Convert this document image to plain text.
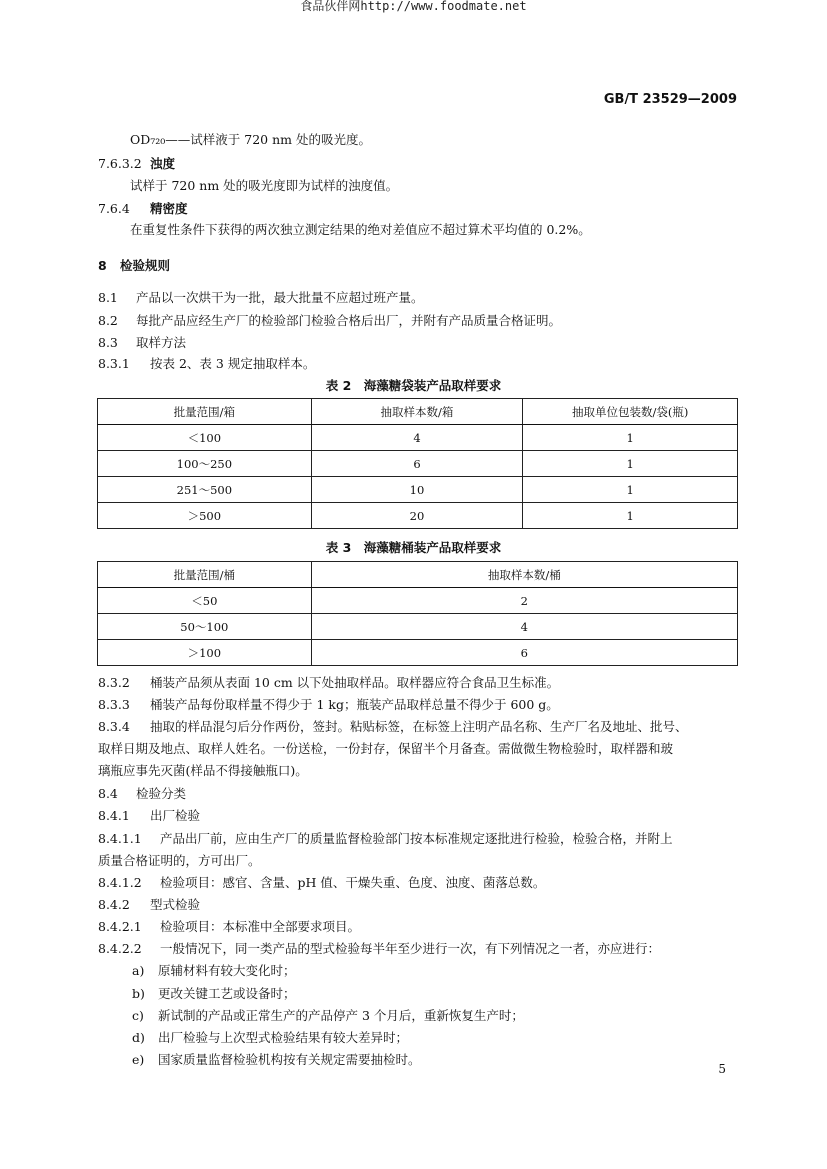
食品伙伴网http://www.foodmate.net
GB/T 23529—2009
OD₇₂₀——试样液于 720 nm 处的吸光度。
7.6.3.2 浊度
试样于 720 nm 处的吸光度即为试样的浊度值。
7.6.4 精密度
在重复性条件下获得的两次独立测定结果的绝对差值应不超过算术平均值的 0.2%。
8 检验规则
8.1 产品以一次烘干为一批，最大批量不应超过班产量。
8.2 每批产品应经生产厂的检验部门检验合格后出厂，并附有产品质量合格证明。
8.3 取样方法
8.3.1 按表 2、表 3 规定抽取样本。
表 2　海藻糖袋装产品取样要求
批量范围/箱	抽取样本数/箱	抽取单位包装数/袋(瓶)
＜100	4	1
100～250	6	1
251～500	10	1
＞500	20	1
表 3　海藻糖桶装产品取样要求
批量范围/桶	抽取样本数/桶
＜50	2
50～100	4
＞100	6
8.3.2 桶装产品须从表面 10 cm 以下处抽取样品。取样器应符合食品卫生标准。
8.3.3 桶装产品每份取样量不得少于 1 kg；瓶装产品取样总量不得少于 600 g。
8.3.4 抽取的样品混匀后分作两份，签封。粘贴标签，在标签上注明产品名称、生产厂名及地址、批号、
取样日期及地点、取样人姓名。一份送检，一份封存，保留半个月备查。需做微生物检验时，取样器和玻
璃瓶应事先灭菌(样品不得接触瓶口)。
8.4 检验分类
8.4.1 出厂检验
8.4.1.1 产品出厂前，应由生产厂的质量监督检验部门按本标准规定逐批进行检验，检验合格，并附上
质量合格证明的，方可出厂。
8.4.1.2 检验项目：感官、含量、pH 值、干燥失重、色度、浊度、菌落总数。
8.4.2 型式检验
8.4.2.1 检验项目：本标准中全部要求项目。
8.4.2.2 一般情况下，同一类产品的型式检验每半年至少进行一次，有下列情况之一者，亦应进行：
a) 原辅材料有较大变化时；
b) 更改关键工艺或设备时；
c) 新试制的产品或正常生产的产品停产 3 个月后，重新恢复生产时；
d) 出厂检验与上次型式检验结果有较大差异时；
e) 国家质量监督检验机构按有关规定需要抽检时。
5
